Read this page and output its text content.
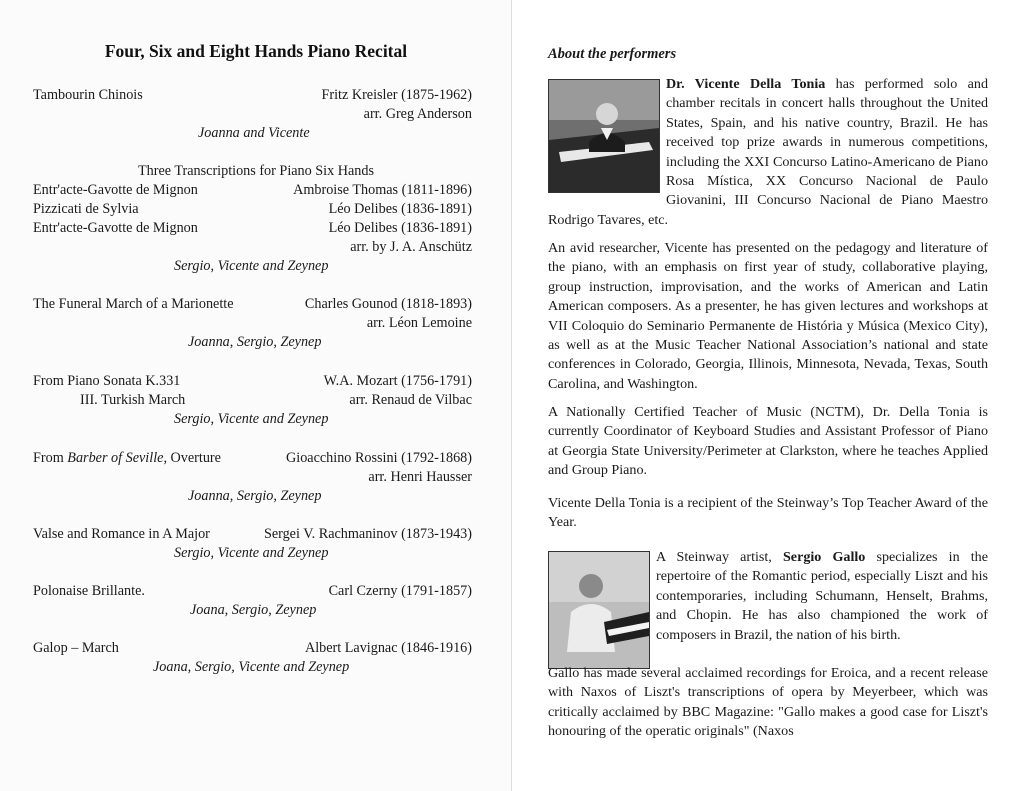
Four, Six and Eight Hands Piano Recital
Tambourin Chinois	Fritz Kreisler (1875-1962)
arr. Greg Anderson
Joanna and Vicente
Three Transcriptions for Piano Six Hands
Entr'acte-Gavotte de Mignon	Ambroise Thomas (1811-1896)
Pizzicati de Sylvia	Léo Delibes (1836-1891)
Entr'acte-Gavotte de Mignon	Léo Delibes (1836-1891)
arr. by J. A. Anschütz
Sergio, Vicente and Zeynep
The Funeral March of a Marionette	Charles Gounod (1818-1893)
arr. Léon Lemoine
Joanna, Sergio, Zeynep
From Piano Sonata K.331	W.A. Mozart (1756-1791)
III. Turkish March	arr. Renaud de Vilbac
Sergio, Vicente and Zeynep
From Barber of Seville, Overture	Gioacchino Rossini (1792-1868)
arr. Henri Hausser
Joanna, Sergio, Zeynep
Valse and Romance in A Major	Sergei V. Rachmaninov (1873-1943)
Sergio, Vicente and Zeynep
Polonaise Brillante.	Carl Czerny (1791-1857)
Joana, Sergio, Zeynep
Galop – March	Albert Lavignac (1846-1916)
Joana, Sergio, Vicente and Zeynep
About the performers

Dr. Vicente Della Tonia has performed solo and chamber recitals in concert halls throughout the United States, Spain, and his native country, Brazil. He has received top prize awards in numerous competitions, including the XXI Concurso Latino-Americano de Piano Rosa Mística, XX Concurso Nacional de Paulo Giovanini, III Concurso Nacional de Piano Maestro Rodrigo Tavares, etc.

An avid researcher, Vicente has presented on the pedagogy and literature of the piano, with an emphasis on first year of study, collaborative playing, group instruction, improvisation, and the works of American and Latin American composers. As a presenter, he has given lectures and workshops at VII Coloquio do Seminario Permanente de História y Música (Mexico City), as well as at the Music Teacher National Association’s national and state conferences in Colorado, Georgia, Illinois, Minnesota, Nevada, Texas, South Carolina, and Washington.

A Nationally Certified Teacher of Music (NCTM), Dr. Della Tonia is currently Coordinator of Keyboard Studies and Assistant Professor of Piano at Georgia State University/Perimeter at Clarkston, where he teaches Applied and Group Piano.

Vicente Della Tonia is a recipient of the Steinway’s Top Teacher Award of the Year.

A Steinway artist, Sergio Gallo specializes in the repertoire of the Romantic period, especially Liszt and his contemporaries, including Schumann, Henselt, Brahms, and Chopin. He has also championed the work of composers in Brazil, the nation of his birth.

Gallo has made several acclaimed recordings for Eroica, and a recent release with Naxos of Liszt's transcriptions of opera by Meyerbeer, which was critically acclaimed by BBC Magazine: "Gallo makes a good case for Liszt's honouring of the operatic originals" (Naxos
